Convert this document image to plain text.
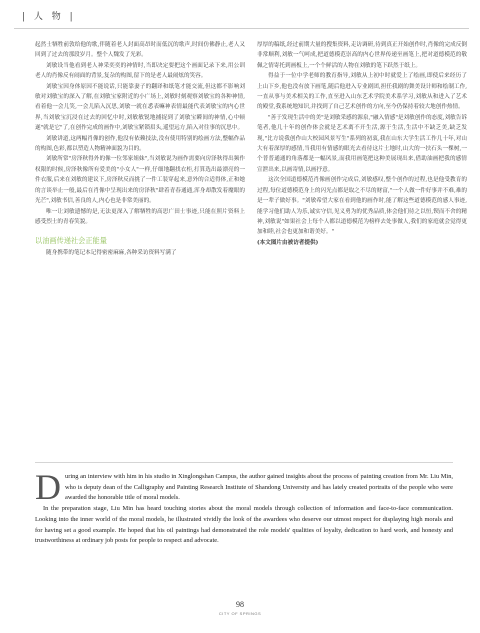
| 人 物 |

起然士牺牲前敦给他的歌,伴随着老人封面高昂时而低沉的歌声,时间仿佛静止,老人又回到了过去的那段岁月。整个人魏发了光彩。

刘敏设当他看到老人神采奕奕的神情时,当即决定要把这个画面记录下来,用公训老人的肖像反有闹面的背景,复杂的构图,留下的是老人最闹炫的笑容。

刘敏宝因身体原因不能说话,只能靠妻子的翻译和纸笔才能交流,但这都不影响刘敏对刘敏宝的深入了解,在刘敏宝家附近的小广场上,刘敏时刻观察刘敏宝的各种神情,看着他一会儿笑,一会儿陷入沉思,刘敏一就在悉表嘛神表情最能代表刘敏宝的内心世界,当刘敏宝沉浸在过去的回忆中时,刘敏敏锐地捕捉到了刘敏宝瞬间的神情,心中顿遂"就是它"了,在创作完成的画作中,刘敏宝紧锁眉头,遥望远方,陷入对往事的沉思中。

刘敏讲道,这两幅肖像的创作,他没有依赖技法,没有使用特别的绘画方法,整幅作品的构图,色彩,都以塑造人物精神面貌为目的。

刘敏所常"房泽秋得外的像一位邻家姐妹",当刘敏说为画作需要向房泽秋得出频作权限的时候,房泽秋像所有爱美的"小女人"一样,仔细地翻找衣柜,打算选出最漂亮的一件衣服,后来在刘敏的建议下,房泽秋反而挑了一件工装穿起来,意外的合适得体,正和她的言谈举止一般,最后在肖像中呈现出来的房泽秋"肆着青春通通,浑身却散发着魔眼的光芒",刘敏书信,善良的人,内心也是非常美丽的。

唯一让刘敏遗憾的是,无法更深入了解牺牲的高思广田士事迹,只能在照片资料上感受烈士的青春笑貌。

以油画传递社会正能量

随身携带的笔记本记得密密麻麻,各种采访资料写满了

厚厚的稿纸,经过前期大量的搜集资料,走访调研,待到真正开始创作时,肖像的完成反倒非常顺利,刘敏一气呵成,把道德模范崇高的内心世界传递至画笔上,把对道德模范的敬佩之情寄托到画板上,一个个鲜活的人物在刘敏的笔下跃然于纸上。

得益于一位中学老师的教育指导,刘敏从上初中时就爱上了绘画,即使后来经历了上山下乡,他也没有放下画笔,随后他进入专业剧团,担任我剧的舞美设计师和绘制工作,一直从事与美术相关的工作,直至进入山东艺术学院美术系学习,刘敏从和进入了艺术的殿堂,我系统地知识,并找到了自己艺术创作的方向,至今仍保持着较大地创作热情。

"善于发现生活中的美"是刘敏采感的源泉,"融入情感"是刘敏创作的态度,刘敏告诉笔者,他几十年的创作体会就是艺术离不开生活,源于生活,生活中不缺乏美,缺乏发现,"比方说我创作山大校园风景写生"系列的初衷,我在山东大学生活工作几十年,对山大有着深厚的感情,当我用有情感的眼光去看待这片土地时,山大的一扶石头一棵树,一个普普通通的角落都是一幅风景,而我用画笔把这种美展现出来,借助油画把我的感情宣泄出来,以画寄情,以画抒意。

这次全国道德模范肖像画创作完成后,刘敏感叹,整个创作的过程,也是他受教育的过程,每位道德模范身上的闪光点都是取之不尽的财富,"一个人做一件好事并不难,难的是一辈子做好事。"刘敏希望大家在看到他的画作时,能了解这些道德模范的感人事迹,能学习他们助人为乐,诚实守信,见义勇为的优秀品质,体会他们待之以恒,锲而不舍的精神,刘敏说"如果社会上每个人都以道德模范为榜样去处事做人,我们的家庭就会觉得更加和睦,社会也更加和谐美好。"

(本文图片由被访者提供)

During an interview with him in his studio in Xinglongshan Campus, the author gained insights about the process of painting creation from Mr. Liu Min, who is deputy dean of the Calligraphy and Painting Research Institute of Shandong University and has lately created portraits of the people who were awarded the honorable title of moral models.

In the preparation stage, Liu Min has heard touching stories about the moral models through collection of information and face-to-face communication. Looking into the inner world of the moral models, he illustrated vividly the look of the awardees who deserve our utmost respect for displaying high morals and for having set a good example. He hoped that his oil paintings had demonstrated the role models' qualities of loyalty, dedication to hard work, and honesty and trustworthiness at ordinary job posts for people to respect and advocate.

98
CITY OF SPRINGS
